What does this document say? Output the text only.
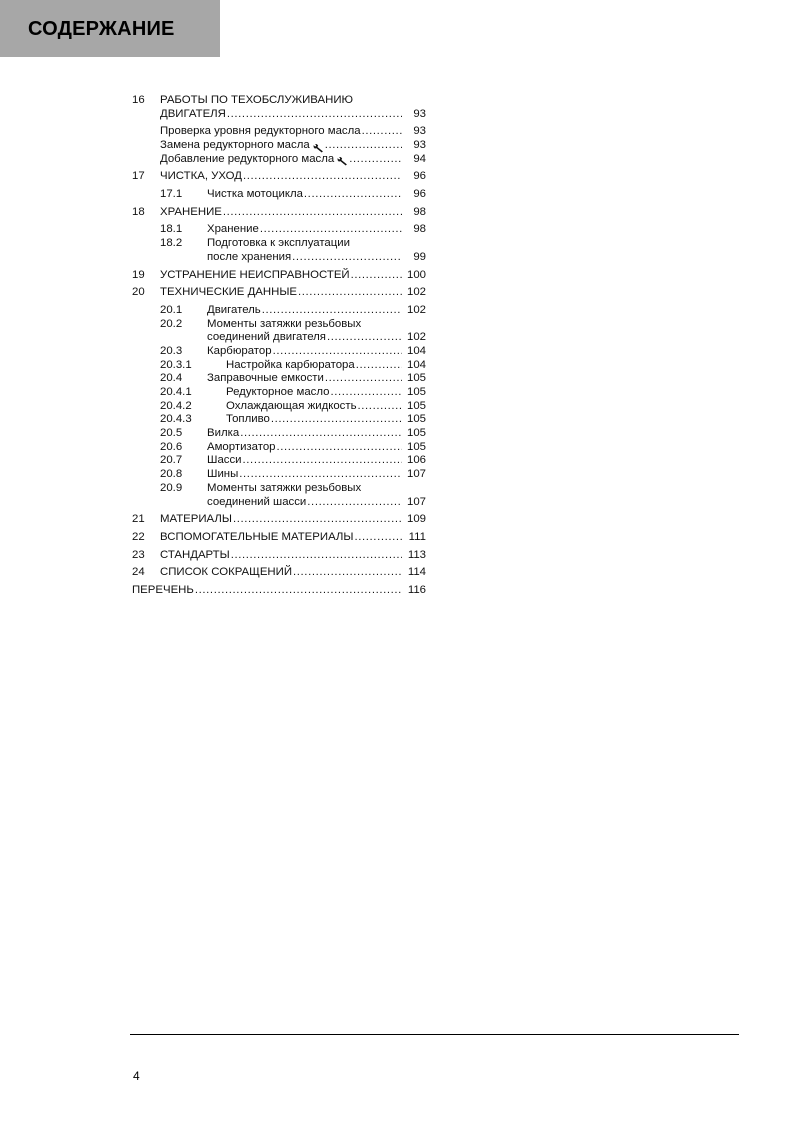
СОДЕРЖАНИЕ
16 РАБОТЫ ПО ТЕХОБСЛУЖИВАНИЮ
ДВИГАТЕЛЯ .....	93
Проверка уровня редукторного масла .....	93
Замена редукторного масла .....	93
Добавление редукторного масла .....	94
17 ЧИСТКА, УХОД .....	96
17.1 Чистка мотоцикла .....	96
18 ХРАНЕНИЕ .....	98
18.1 Хранение .....	98
18.2 Подготовка к эксплуатации
после хранения .....	99
19 УСТРАНЕНИЕ НЕИСПРАВНОСТЕЙ .....	100
20 ТЕХНИЧЕСКИЕ ДАННЫЕ .....	102
20.1 Двигатель .....	102
20.2 Моменты затяжки резьбовых
соединений двигателя .....	102
20.3 Карбюратор .....	104
20.3.1	Настройка карбюратора .....	104
20.4 Заправочные емкости .....	105
20.4.1	Редукторное масло .....	105
20.4.2	Охлаждающая жидкость .....	105
20.4.3	Топливо .....	105
20.5 Вилка .....	105
20.6 Амортизатор .....	105
20.7 Шасси .....	106
20.8 Шины .....	107
20.9 Моменты затяжки резьбовых
соединений шасси .....	107
21 МАТЕРИАЛЫ .....	109
22 ВСПОМОГАТЕЛЬНЫЕ МАТЕРИАЛЫ .....	111
23 СТАНДАРТЫ .....	113
24 СПИСОК СОКРАЩЕНИЙ .....	114
ПЕРЕЧЕНЬ .....	116
4
